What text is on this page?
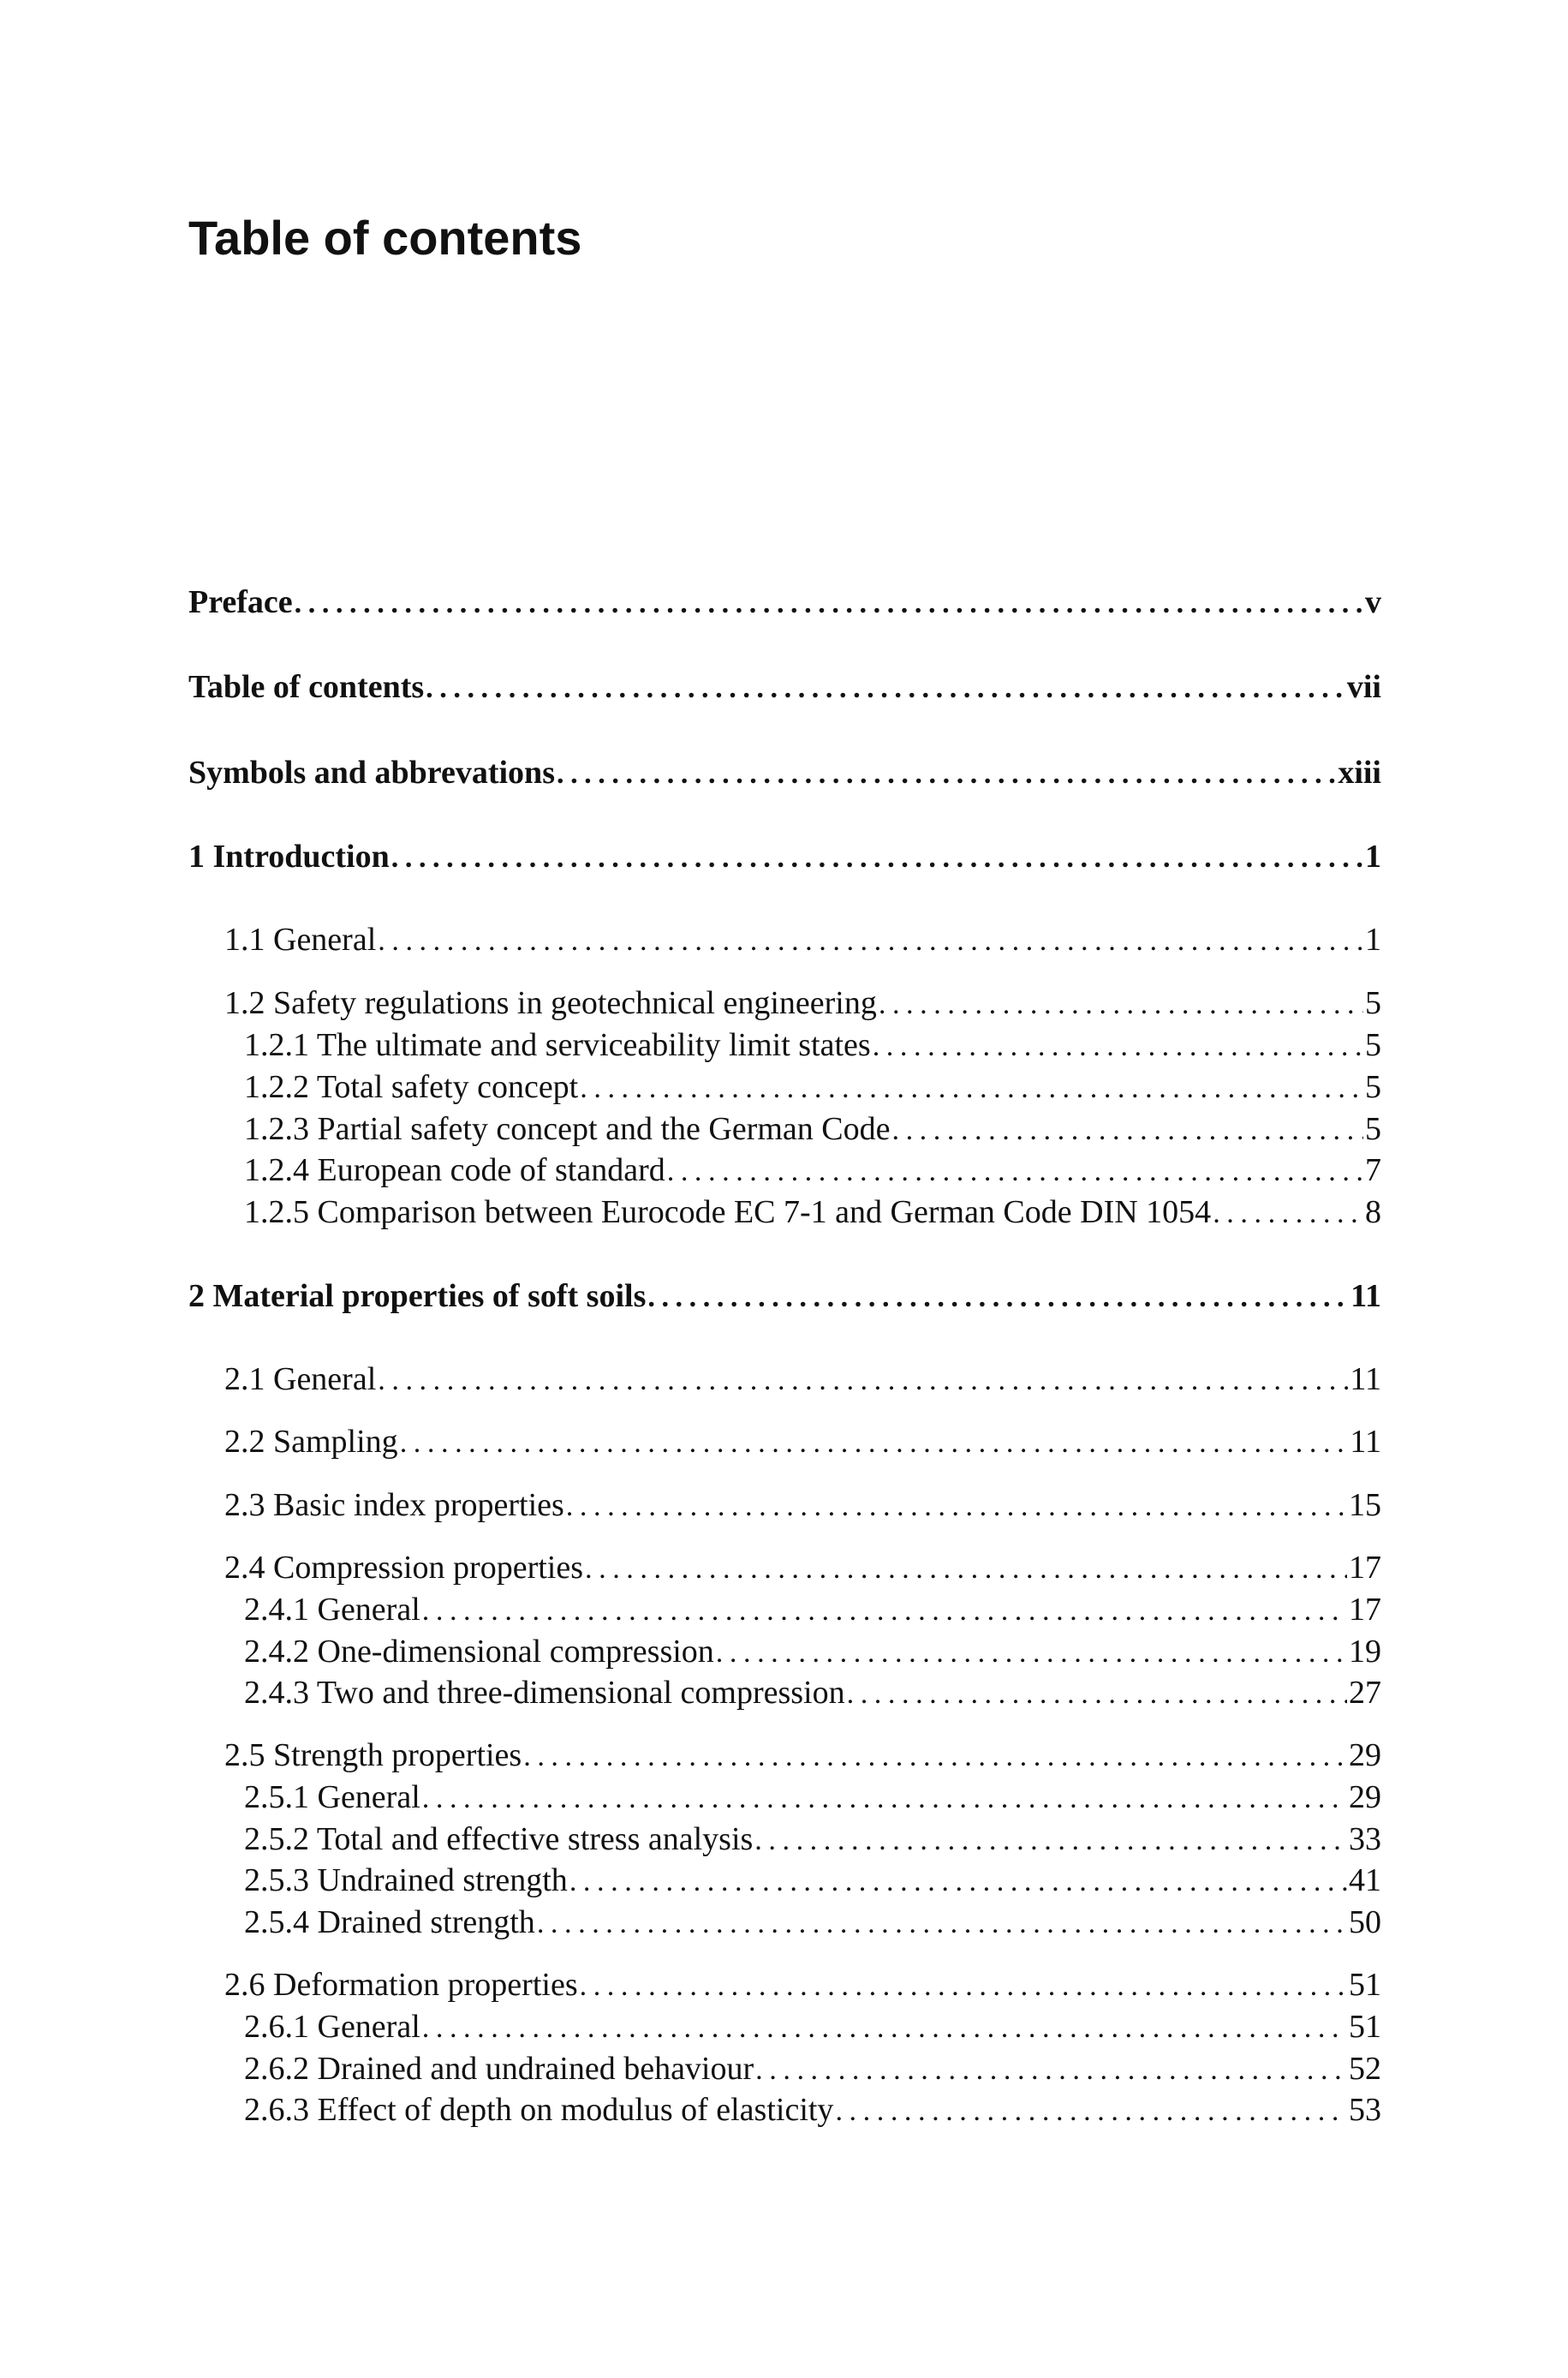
Table of contents
Preface . . .	v
Table of contents . . .	vii
Symbols and abbrevations . . .	xiii
1 Introduction . . .	1
1.1 General . . .	1
1.2 Safety regulations in geotechnical engineering . . .	5
1.2.1 The ultimate and serviceability limit states . . .	5
1.2.2 Total safety concept . . .	5
1.2.3 Partial safety concept and the German Code . . .	5
1.2.4 European code of standard . . .	7
1.2.5 Comparison between Eurocode EC 7-1 and German Code DIN 1054 . . .	8
2 Material properties of soft soils . . .	11
2.1 General . . .	11
2.2 Sampling . . .	11
2.3 Basic index properties . . .	15
2.4 Compression properties . . .	17
2.4.1 General . . .	17
2.4.2 One-dimensional compression . . .	19
2.4.3 Two and three-dimensional compression . . .	27
2.5 Strength properties . . .	29
2.5.1 General . . .	29
2.5.2 Total and effective stress analysis . . .	33
2.5.3 Undrained strength . . .	41
2.5.4 Drained strength . . .	50
2.6 Deformation properties . . .	51
2.6.1 General . . .	51
2.6.2 Drained and undrained behaviour . . .	52
2.6.3 Effect of depth on modulus of elasticity . . .	53
